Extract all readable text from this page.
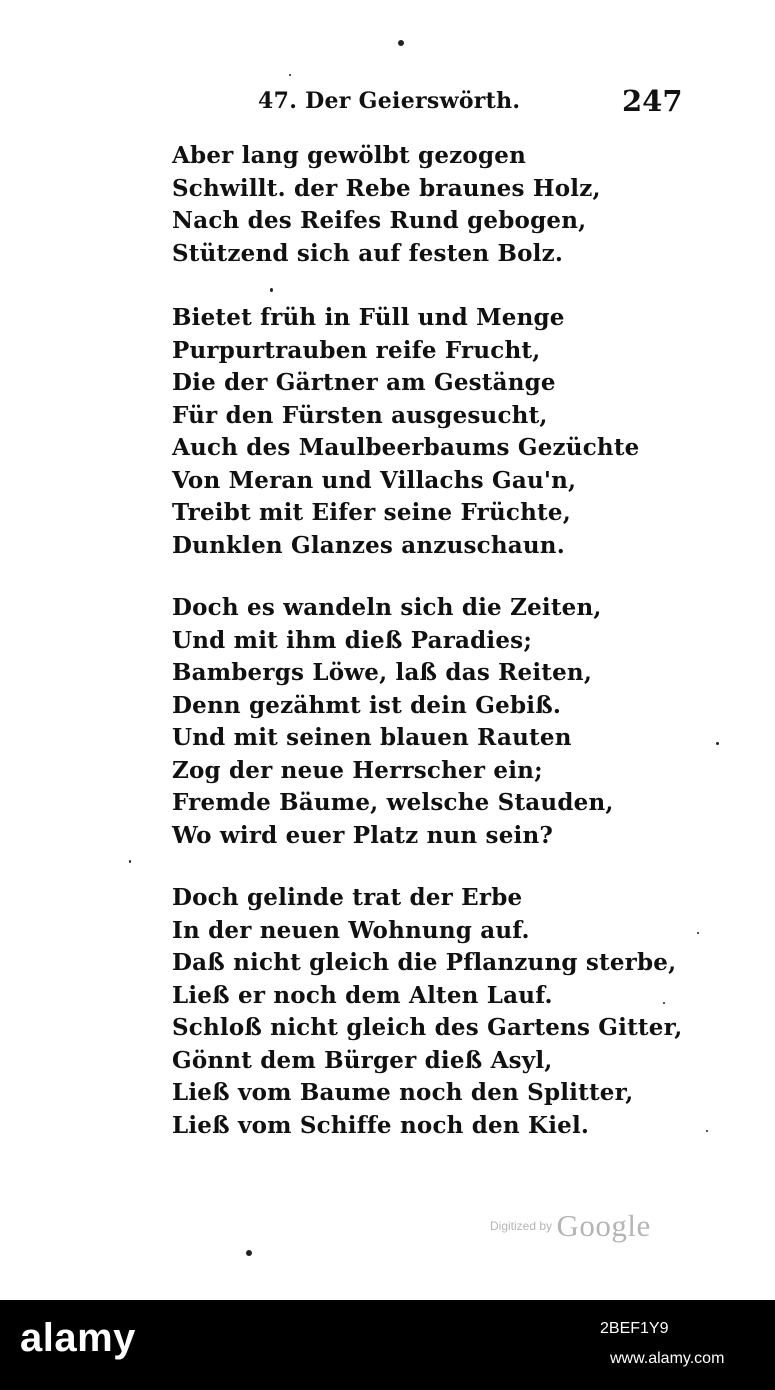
47. Der Geierswörth.	247
Aber lang gewölbt gezogen
Schwillt. der Rebe braunes Holz,
Nach des Reifes Rund gebogen,
Stützend sich auf festen Bolz.
Bietet früh in Füll und Menge
Purpurtrauben reife Frucht,
Die der Gärtner am Gestänge
Für den Fürsten ausgesucht,
Auch des Maulbeerbaums Gezüchte
Von Meran und Villachs Gau'n,
Treibt mit Eifer seine Früchte,
Dunklen Glanzes anzuschaun.
Doch es wandeln sich die Zeiten,
Und mit ihm dieß Paradies;
Bambergs Löwe, laß das Reiten,
Denn gezähmt ist dein Gebiß.
Und mit seinen blauen Rauten
Zog der neue Herrscher ein;
Fremde Bäume, welsche Stauden,
Wo wird euer Platz nun sein?
Doch gelinde trat der Erbe
In der neuen Wohnung auf.
Daß nicht gleich die Pflanzung sterbe,
Ließ er noch dem Alten Lauf.
Schloß nicht gleich des Gartens Gitter,
Gönnt dem Bürger dieß Asyl,
Ließ vom Baume noch den Splitter,
Ließ vom Schiffe noch den Kiel.
Digitized by Google
alamy	2BEF1Y9
www.alamy.com
